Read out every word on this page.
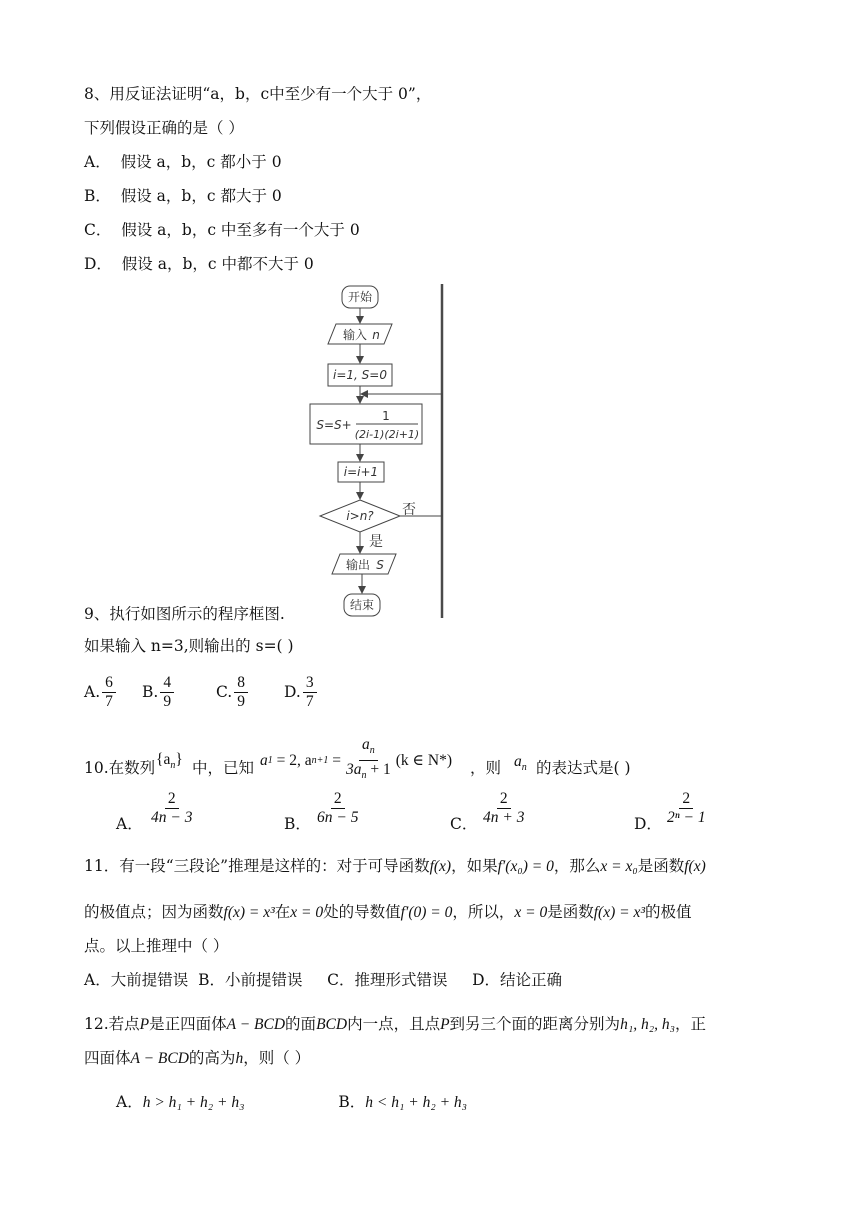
8、用反证法证明“a，b，c中至少有一个大于 0”，
下列假设正确的是（ ）
A． 假设 a，b，c 都小于 0
B． 假设 a，b，c 都大于 0
C． 假设 a，b，c 中至多有一个大于 0
D． 假设 a，b，c 中都不大于 0
开始
输入 n
i=1, S=0
S=S+
1
(2i-1)(2i+1)
i=i+1
i>n? 否
是
输出 S
结束
9、执行如图所示的程序框图.
如果输入 n=3,则输出的 s=( )
A. $\frac{6}{7} B$. $\frac{4}{9}$	C. $\frac{8}{9} D$. $\frac{3}{7}$
10.在数列 $\{a_n\}$ 中，已知 a 1 = 2, a $n+1 = \frac{a_n}{3a_n + 1} (k$ ∈ N*) ，则 $a_n$ 的表达式是( )
A． $\frac{2}{4n - 3}$	B． $\frac{2}{6n - 5}$	C． $\frac{2}{4n + 3}$	D． $\frac{2}{\text{2ⁿ − 1}}$
11．有一段“三段论”推理是这样的：对于可导函数f(x)，如果f′(x₀) = 0，那么x = x₀是函数f(x)
的极值点；因为函数f(x) = x³在x = 0处的导数值f′(0) = 0，所以，x = 0是函数f(x) = x³的极值
点。以上推理中（ ）
A．大前提错误 B．小前提错误 C．推理形式错误 D．结论正确
12.若点P是正四面体A − BCD的面BCD内一点，且点P到另三个面的距离分别为h₁, h₂, h₃，正
四面体A − BCD的高为h，则（ ）
A．h > h₁ + h₂ + h₃	B．h < h₁ + h₂ + h₃
